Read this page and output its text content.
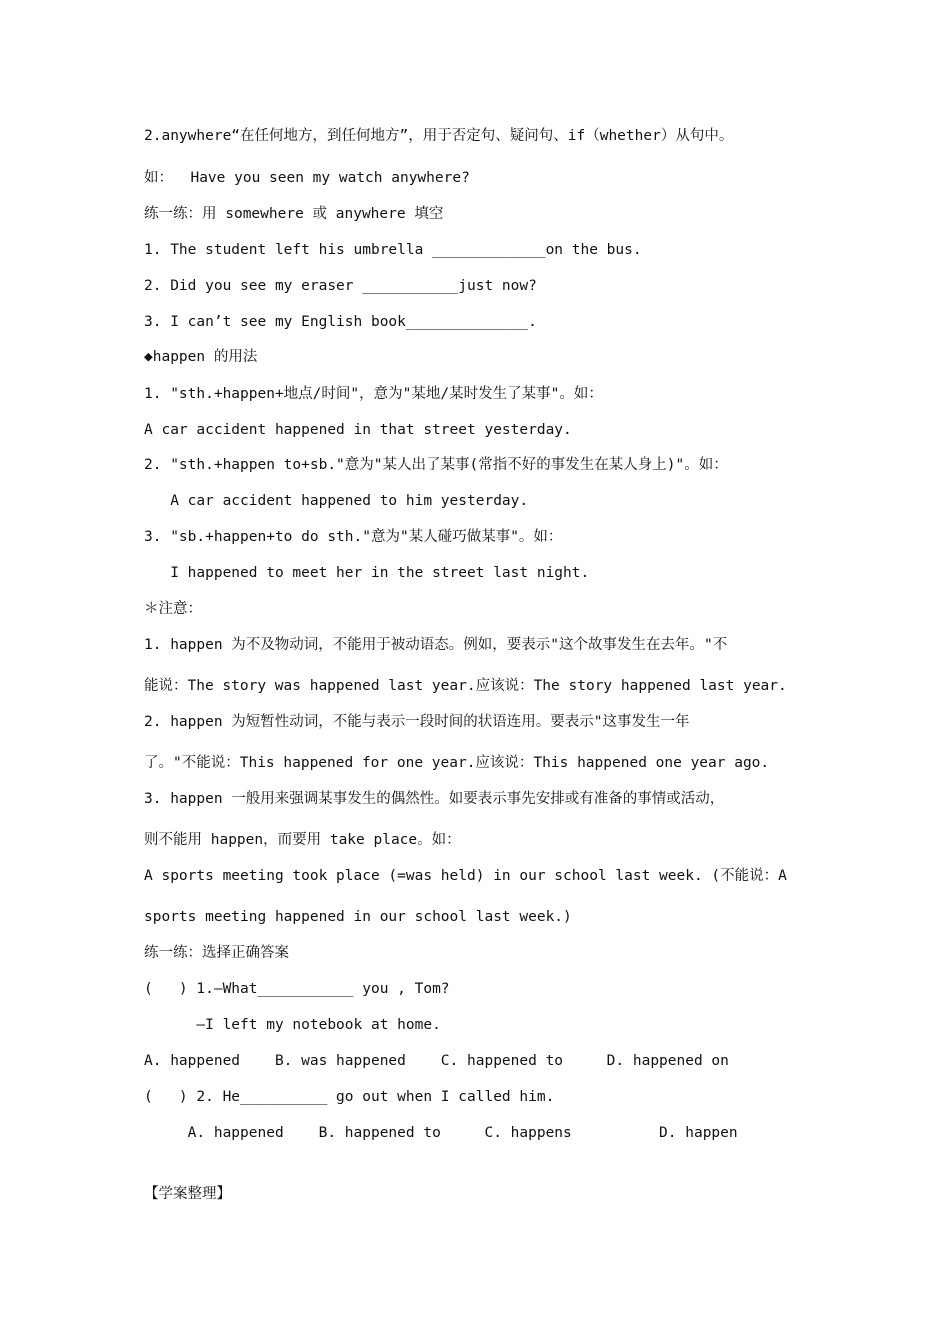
2.anywhere“在任何地方，到任何地方”，用于否定句、疑问句、if（whether）从句中。
如：  Have you seen my watch anywhere?
练一练：用 somewhere 或 anywhere 填空
1. The student left his umbrella _____________on the bus.
2. Did you see my eraser ___________just now?
3. I can’t see my English book______________.
◆happen 的用法
1. "sth.+happen+地点/时间"，意为"某地/某时发生了某事"。如：
A car accident happened in that street yesterday.
2. "sth.+happen to+sb."意为"某人出了某事(常指不好的事发生在某人身上)"。如：
A car accident happened to him yesterday.
3. "sb.+happen+to do sth."意为"某人碰巧做某事"。如：
I happened to meet her in the street last night.
＊注意：
1. happen 为不及物动词，不能用于被动语态。例如，要表示"这个故事发生在去年。"不
能说：The story was happened last year.应该说：The story happened last year.
2. happen 为短暂性动词，不能与表示一段时间的状语连用。要表示"这事发生一年
了。"不能说：This happened for one year.应该说：This happened one year ago.
3. happen 一般用来强调某事发生的偶然性。如要表示事先安排或有准备的事情或活动，
则不能用 happen，而要用 take place。如：
A sports meeting took place (=was held) in our school last week. (不能说：A
sports meeting happened in our school last week.)
练一练：选择正确答案
(   ) 1.—What___________ you , Tom?
—I left my notebook at home.
A. happened    B. was happened    C. happened to     D. happened on
(   ) 2. He__________ go out when I called him.
A. happened    B. happened to     C. happens          D. happen
【学案整理】
